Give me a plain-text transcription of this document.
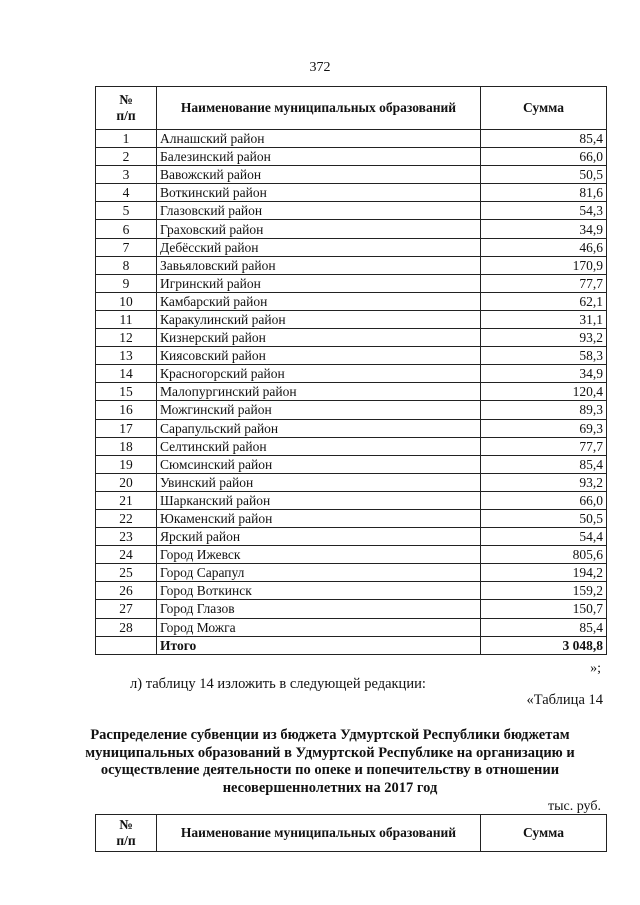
372
№
п/п	Наименование муниципальных образований	Сумма
1	Алнашский район	85,4
2	Балезинский район	66,0
3	Вавожский район	50,5
4	Воткинский район	81,6
5	Глазовский район	54,3
6	Граховский район	34,9
7	Дебёсский район	46,6
8	Завьяловский район	170,9
9	Игринский район	77,7
10	Камбарский район	62,1
11	Каракулинский район	31,1
12	Кизнерский район	93,2
13	Киясовский район	58,3
14	Красногорский район	34,9
15	Малопургинский район	120,4
16	Можгинский район	89,3
17	Сарапульский район	69,3
18	Селтинский район	77,7
19	Сюмсинский район	85,4
20	Увинский район	93,2
21	Шарканский район	66,0
22	Юкаменский район	50,5
23	Ярский район	54,4
24	Город Ижевск	805,6
25	Город Сарапул	194,2
26	Город Воткинск	159,2
27	Город Глазов	150,7
28	Город Можга	85,4
	Итого	3 048,8
»;
л) таблицу 14 изложить в следующей редакции:
«Таблица 14
Распределение субвенции из бюджета Удмуртской Республики бюджетам муниципальных образований в Удмуртской Республике на организацию и осуществление деятельности по опеке и попечительству в отношении несовершеннолетних на 2017 год
тыс. руб.
№
п/п	Наименование муниципальных образований	Сумма
